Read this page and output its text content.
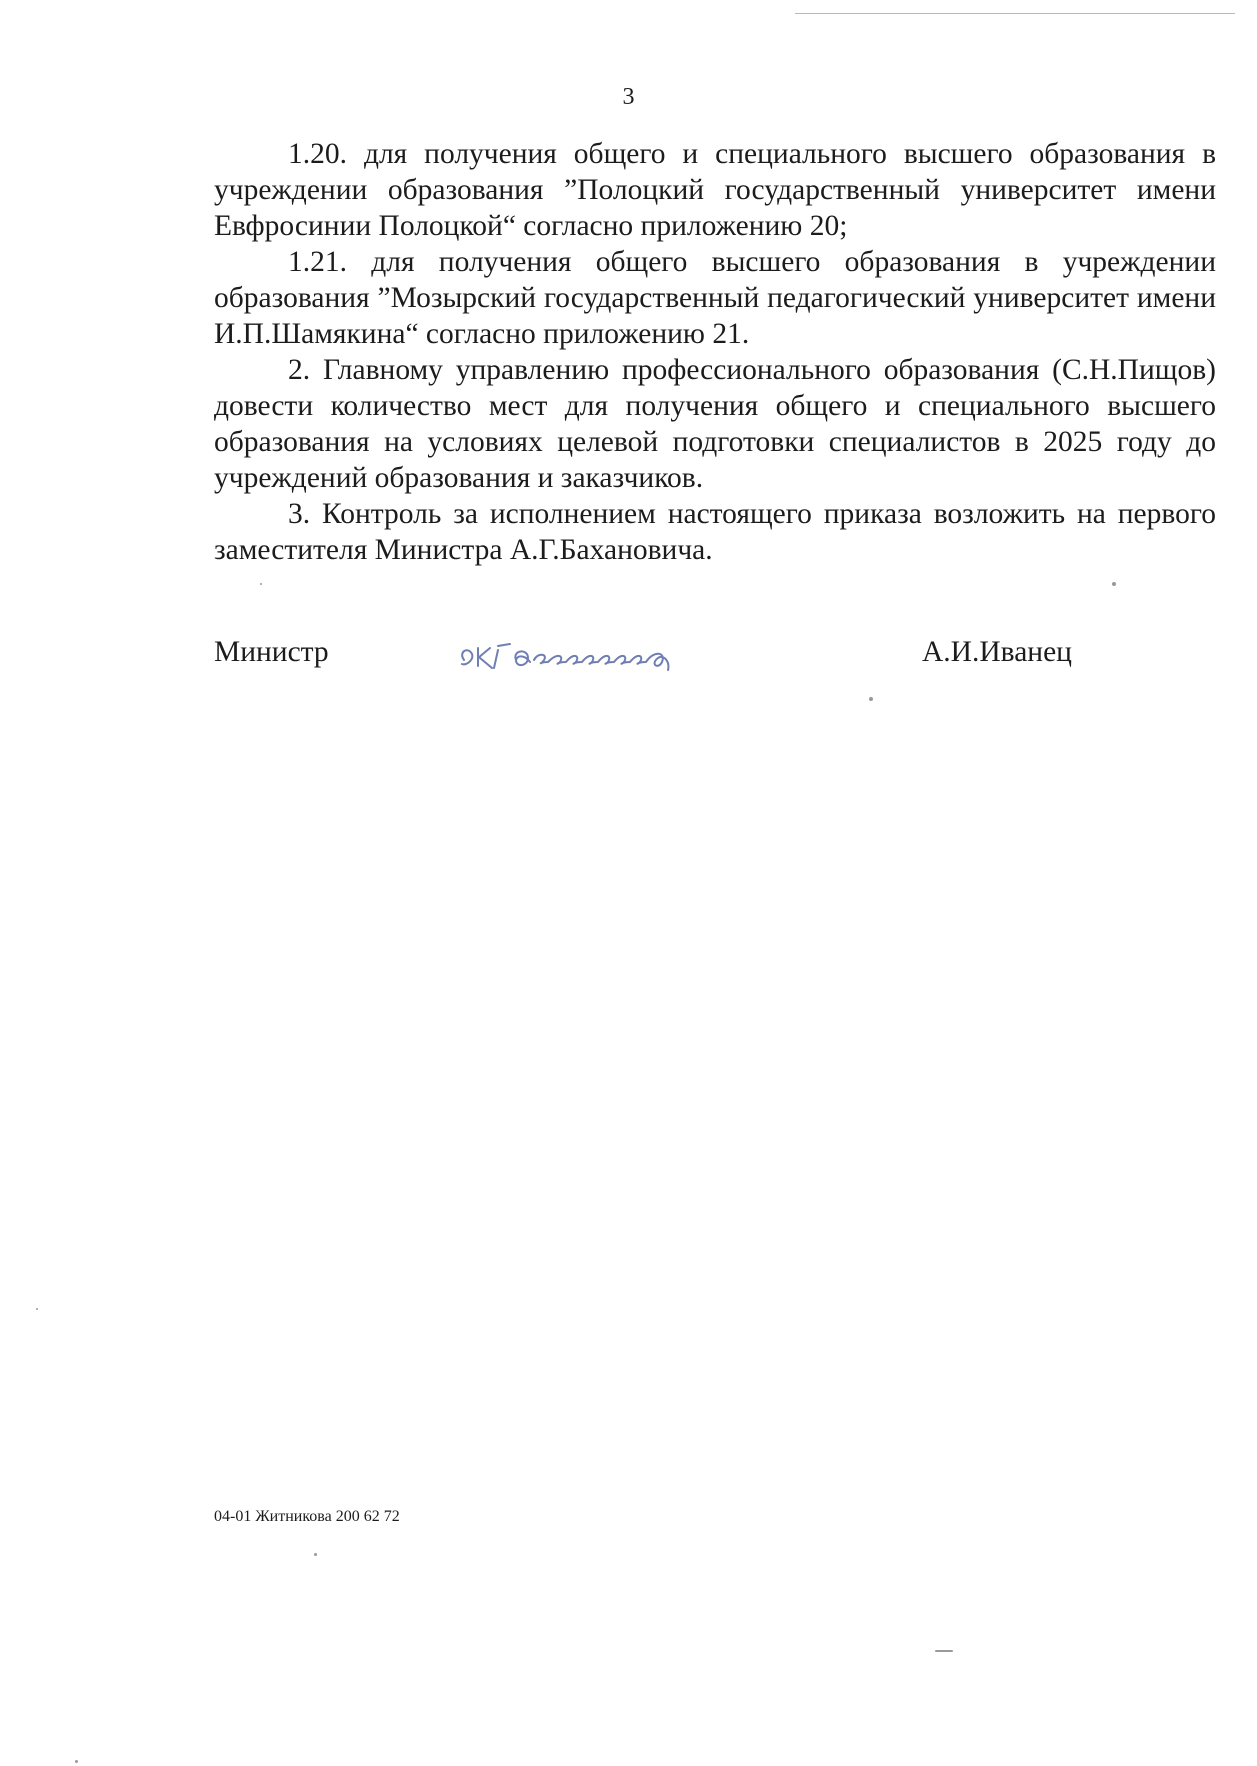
3

1.20. для получения общего и специального высшего образования в учреждении образования ”Полоцкий государственный университет имени Евфросинии Полоцкой“ согласно приложению 20;

1.21. для получения общего высшего образования в учреждении образования ”Мозырский государственный педагогический университет имени И.П.Шамякина“ согласно приложению 21.

2. Главному управлению профессионального образования (С.Н.Пищов) довести количество мест для получения общего и специального высшего образования на условиях целевой подготовки специалистов в 2025 году до учреждений образования и заказчиков.

3. Контроль за исполнением настоящего приказа возложить на первого заместителя Министра А.Г.Бахановича.

Министр	А.И.Иванец
04-01 Житникова 200 62 72
